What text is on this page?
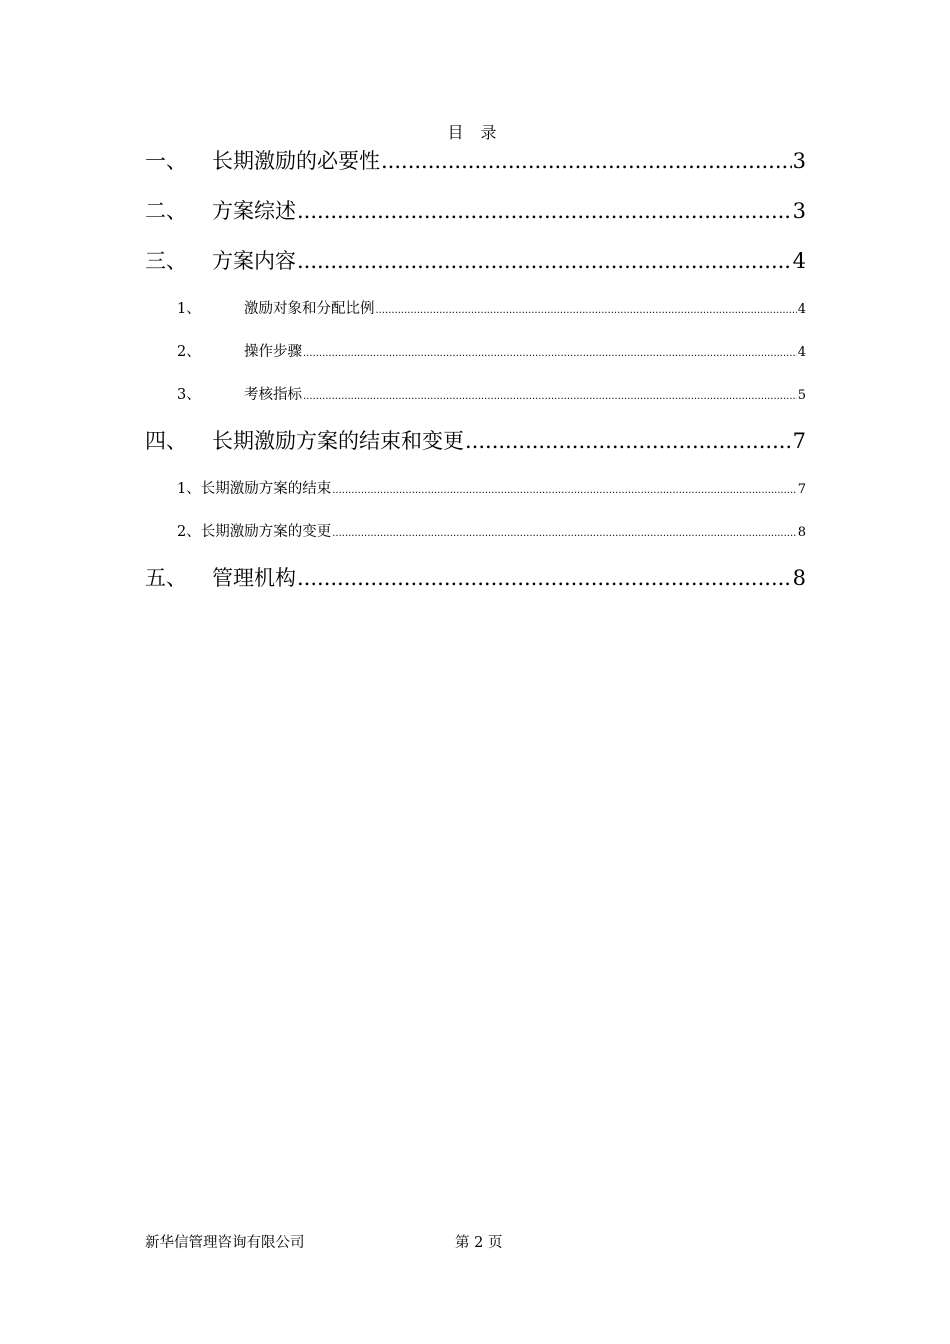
目 录
一、	长期激励的必要性 .....	3
二、	方案综述 .....	3
三、	方案内容 .....	4
1、	激励对象和分配比例 .....	4
2、	操作步骤 .....	4
3、	考核指标 .....	5
四、	长期激励方案的结束和变更 .....	7
1、长期激励方案的结束 .....	7
2、长期激励方案的变更 .....	8
五、	管理机构 .....	8
新华信管理咨询有限公司	第 2 页
